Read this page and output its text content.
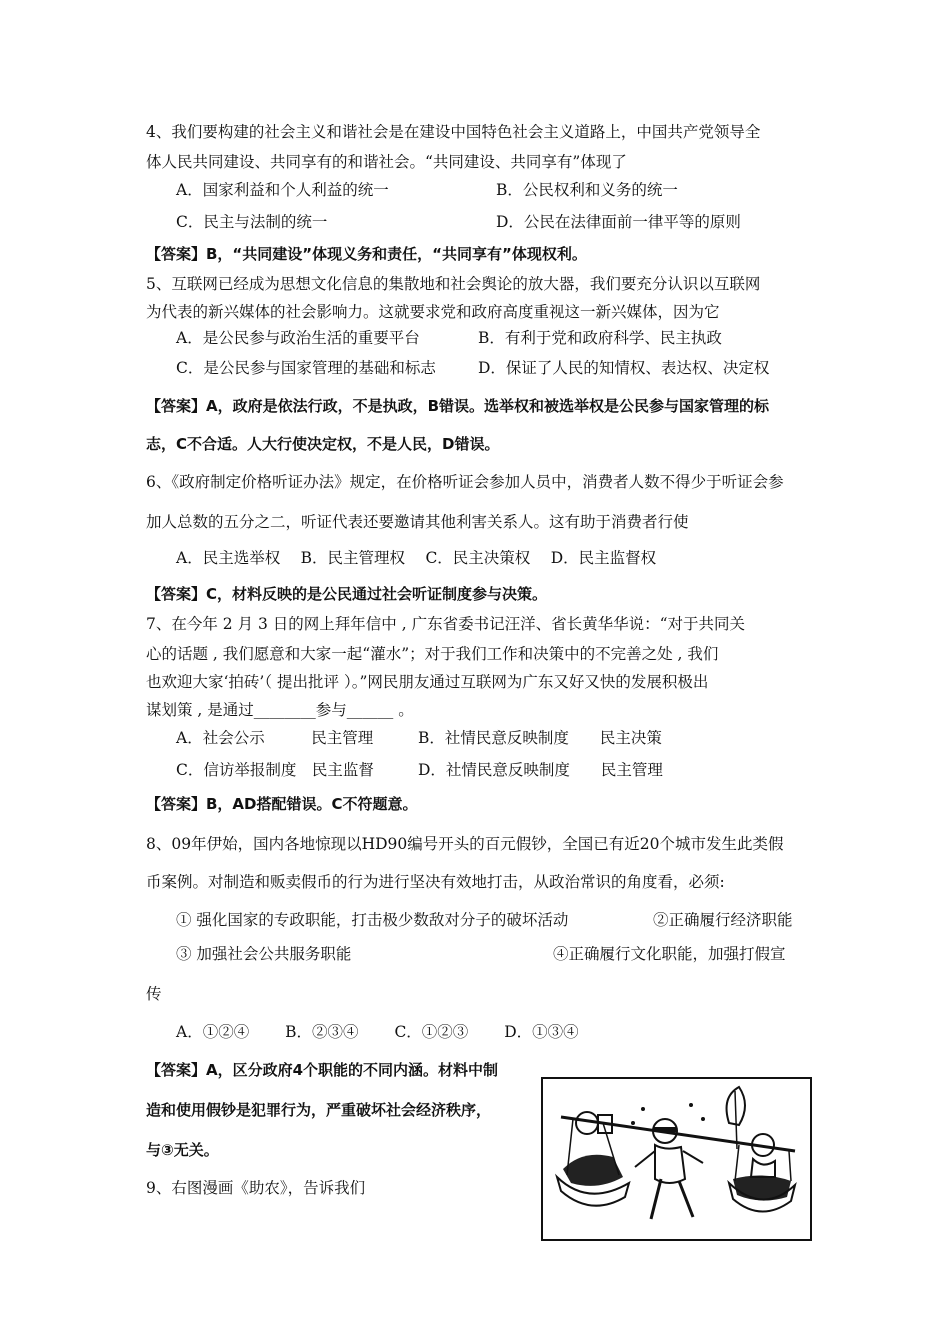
4、我们要构建的社会主义和谐社会是在建设中国特色社会主义道路上，中国共产党领导全
体人民共同建设、共同享有的和谐社会。“共同建设、共同享有”体现了
A．国家利益和个人利益的统一	B．公民权利和义务的统一
C．民主与法制的统一	D．公民在法律面前一律平等的原则
【答案】B，“共同建设”体现义务和责任，“共同享有”体现权利。
5、互联网已经成为思想文化信息的集散地和社会舆论的放大器，我们要充分认识以互联网
为代表的新兴媒体的社会影响力。这就要求党和政府高度重视这一新兴媒体，因为它
A．是公民参与政治生活的重要平台	B．有利于党和政府科学、民主执政
C．是公民参与国家管理的基础和标志	D．保证了人民的知情权、表达权、决定权
【答案】A，政府是依法行政，不是执政，B错误。选举权和被选举权是公民参与国家管理的标
志，C不合适。人大行使决定权，不是人民，D错误。
6、《政府制定价格听证办法》规定，在价格听证会参加人员中，消费者人数不得少于听证会参
加人总数的五分之二，听证代表还要邀请其他利害关系人。这有助于消费者行使
A．民主选举权　 B．民主管理权　 C．民主决策权　 D．民主监督权
【答案】C，材料反映的是公民通过社会听证制度参与决策。
7、在今年 2 月 3 日的网上拜年信中 , 广东省委书记汪洋、省长黄华华说：“对于共同关
心的话题 , 我们愿意和大家一起“灌水”；对于我们工作和决策中的不完善之处 , 我们
也欢迎大家‘拍砖’（ 提出批评 ）。”网民朋友通过互联网为广东又好又快的发展积极出
谋划策 , 是通过________参与______ 。
A．社会公示　　　民主管理	B．社情民意反映制度　　民主决策
C．信访举报制度　民主监督	D．社情民意反映制度　　民主管理
【答案】B，AD搭配错误。C不符题意。
8、09年伊始，国内各地惊现以HD90编号开头的百元假钞，全国已有近20个城市发生此类假
币案例。对制造和贩卖假币的行为进行坚决有效地打击，从政治常识的角度看，必须:
① 强化国家的专政职能，打击极少数敌对分子的破坏活动	②正确履行经济职能
③ 加强社会公共服务职能	④正确履行文化职能，加强打假宣
传
A．①②④　　 B．②③④　　 C．①②③　　 D．①③④
【答案】A，区分政府4个职能的不同内涵。材料中制
造和使用假钞是犯罪行为，严重破坏社会经济秩序，
与③无关。
9、右图漫画《助农》，告诉我们
